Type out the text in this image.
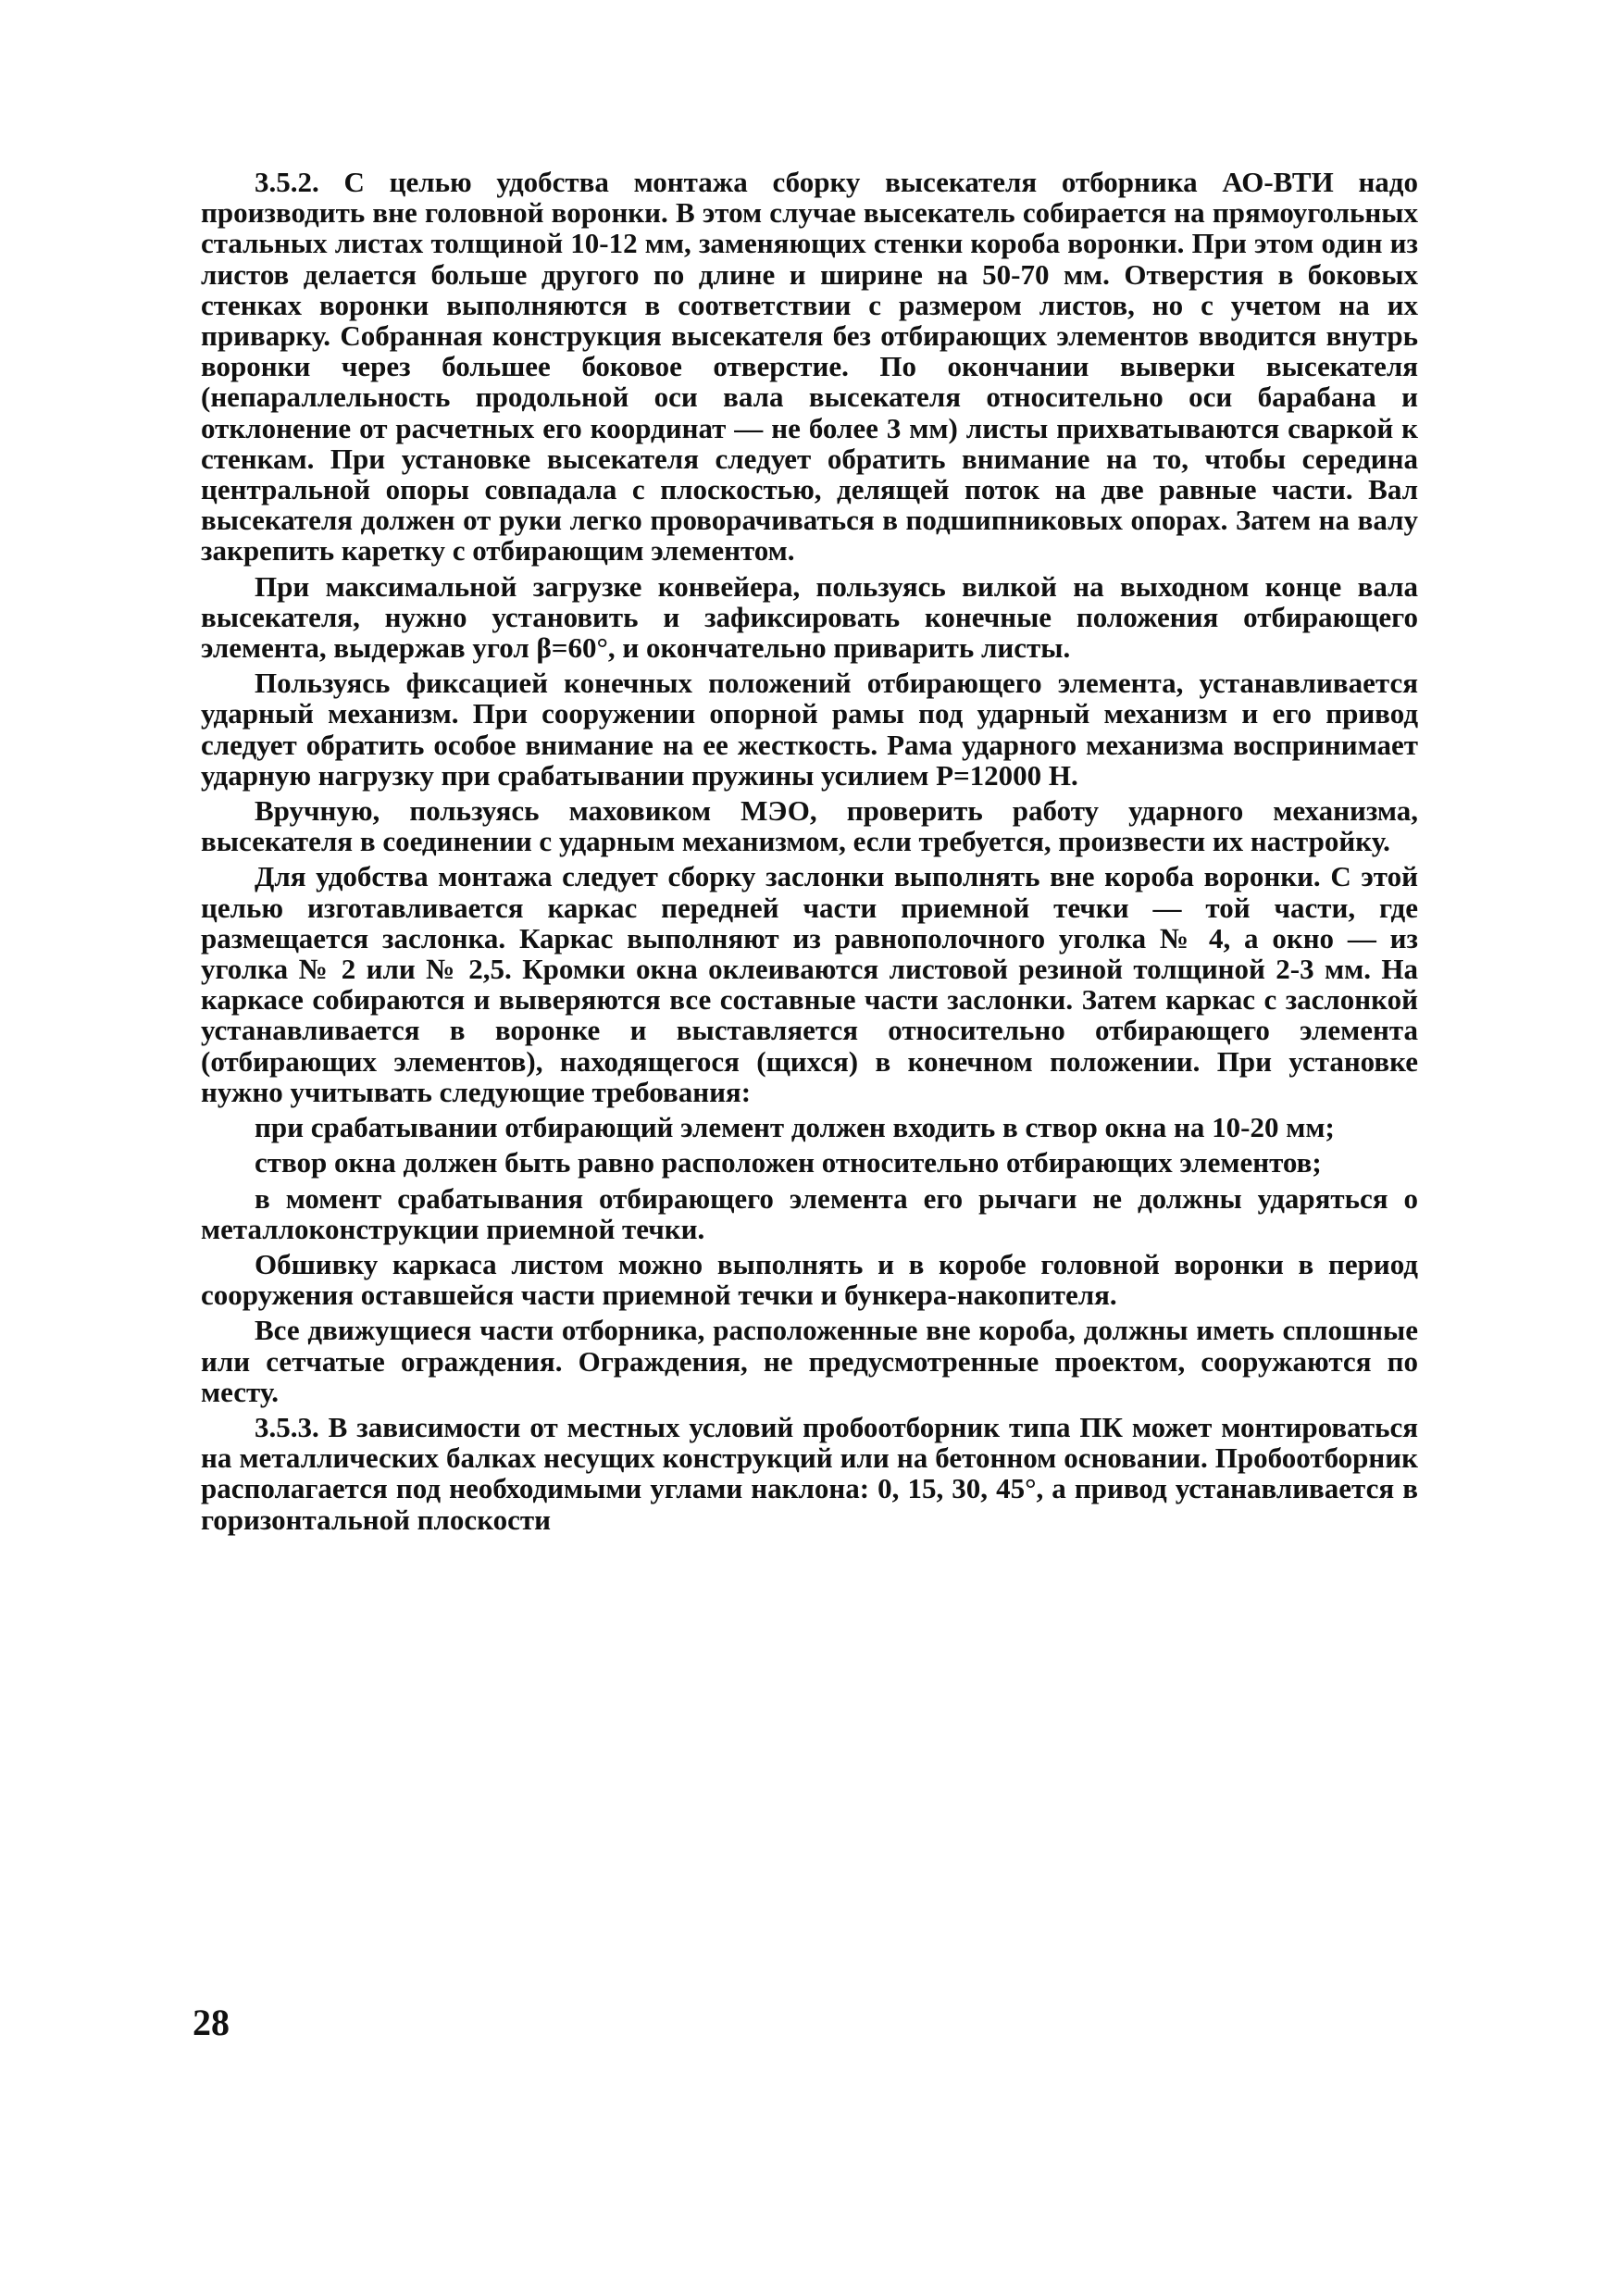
3.5.2. С целью удобства монтажа сборку высекателя отборника АО-ВТИ надо производить вне головной воронки. В этом случае высекатель собирается на прямоугольных стальных листах толщиной 10-12 мм, заменяющих стенки короба воронки. При этом один из листов делается больше другого по длине и ширине на 50-70 мм. Отверстия в боковых стенках воронки выполняются в соответствии с размером листов, но с учетом на их приварку. Собранная конструкция высекателя без отбирающих элементов вводится внутрь воронки через большее боковое отверстие. По окончании выверки высекателя (непараллельность продольной оси вала высекателя относительно оси барабана и отклонение от расчетных его координат — не более 3 мм) листы прихватываются сваркой к стенкам. При установке высекателя следует обратить внимание на то, чтобы середина центральной опоры совпадала с плоскостью, делящей поток на две равные части. Вал высекателя должен от руки легко проворачиваться в подшипниковых опорах. Затем на валу закрепить каретку с отбирающим элементом.

При максимальной загрузке конвейера, пользуясь вилкой на выходном конце вала высекателя, нужно установить и зафиксировать конечные положения отбирающего элемента, выдержав угол β=60°, и окончательно приварить листы.

Пользуясь фиксацией конечных положений отбирающего элемента, устанавливается ударный механизм. При сооружении опорной рамы под ударный механизм и его привод следует обратить особое внимание на ее жесткость. Рама ударного механизма воспринимает ударную нагрузку при срабатывании пружины усилием Р=12000 Н.

Вручную, пользуясь маховиком МЭО, проверить работу ударного механизма, высекателя в соединении с ударным механизмом, если требуется, произвести их настройку.

Для удобства монтажа следует сборку заслонки выполнять вне короба воронки. С этой целью изготавливается каркас передней части приемной течки — той части, где размещается заслонка. Каркас выполняют из равнополочного уголка № 4, а окно — из уголка № 2 или № 2,5. Кромки окна оклеиваются листовой резиной толщиной 2-3 мм. На каркасе собираются и выверяются все составные части заслонки. Затем каркас с заслонкой устанавливается в воронке и выставляется относительно отбирающего элемента (отбирающих элементов), находящегося (щихся) в конечном положении. При установке нужно учитывать следующие требования:

при срабатывании отбирающий элемент должен входить в створ окна на 10-20 мм;

створ окна должен быть равно расположен относительно отбирающих элементов;

в момент срабатывания отбирающего элемента его рычаги не должны ударяться о металлоконструкции приемной течки.

Обшивку каркаса листом можно выполнять и в коробе головной воронки в период сооружения оставшейся части приемной течки и бункера-накопителя.

Все движущиеся части отборника, расположенные вне короба, должны иметь сплошные или сетчатые ограждения. Ограждения, не предусмотренные проектом, сооружаются по месту.

3.5.3. В зависимости от местных условий пробоотборник типа ПК может монтироваться на металлических балках несущих конструкций или на бетонном основании. Пробоотборник располагается под необходимыми углами наклона: 0, 15, 30, 45°, а привод устанавливается в горизонтальной плоскости

28
